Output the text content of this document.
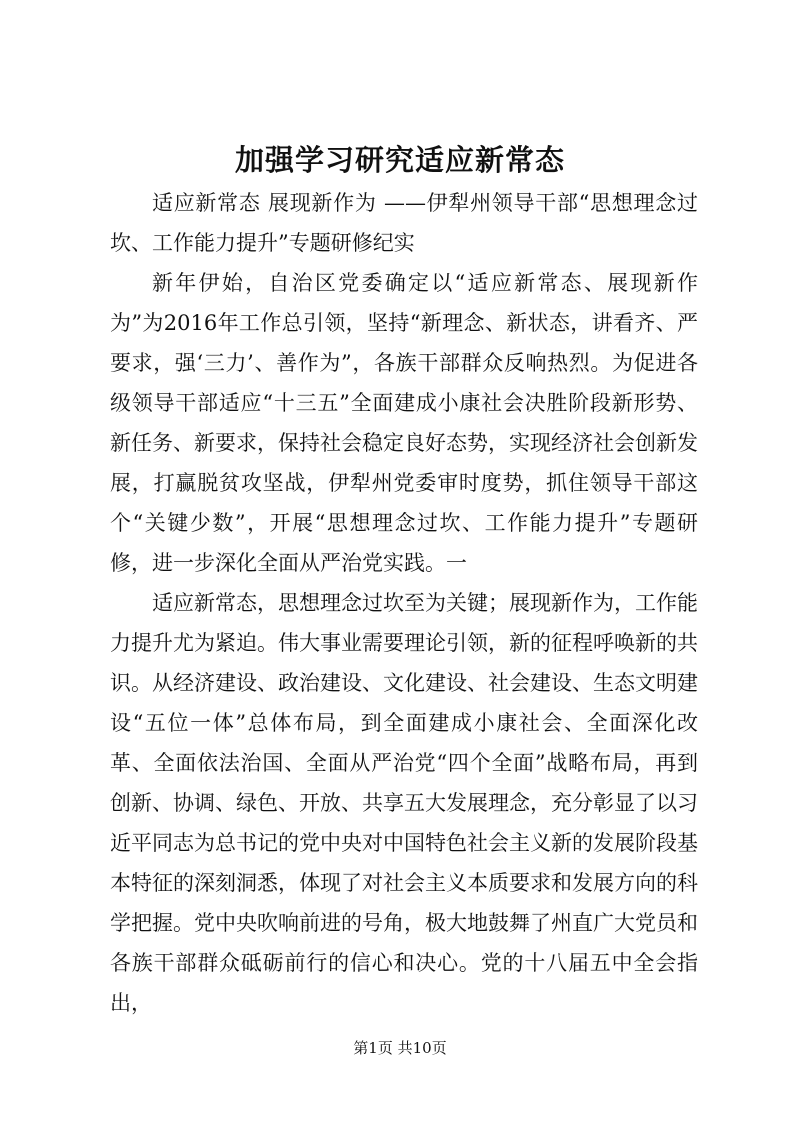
加强学习研究适应新常态

适应新常态 展现新作为 ——伊犁州领导干部“思想理念过坎、工作能力提升”专题研修纪实

新年伊始，自治区党委确定以“适应新常态、展现新作为”为2016年工作总引领，坚持“新理念、新状态，讲看齐、严要求，强‘三力’、善作为”，各族干部群众反响热烈。为促进各级领导干部适应“十三五”全面建成小康社会决胜阶段新形势、新任务、新要求，保持社会稳定良好态势，实现经济社会创新发展，打赢脱贫攻坚战，伊犁州党委审时度势，抓住领导干部这个“关键少数”，开展“思想理念过坎、工作能力提升”专题研修，进一步深化全面从严治党实践。一

适应新常态，思想理念过坎至为关键；展现新作为，工作能力提升尤为紧迫。伟大事业需要理论引领，新的征程呼唤新的共识。从经济建设、政治建设、文化建设、社会建设、生态文明建设“五位一体”总体布局，到全面建成小康社会、全面深化改革、全面依法治国、全面从严治党“四个全面”战略布局，再到创新、协调、绿色、开放、共享五大发展理念，充分彰显了以习近平同志为总书记的党中央对中国特色社会主义新的发展阶段基本特征的深刻洞悉，体现了对社会主义本质要求和发展方向的科学把握。党中央吹响前进的号角，极大地鼓舞了州直广大党员和各族干部群众砥砺前行的信心和决心。党的十八届五中全会指出，

第1页 共10页
